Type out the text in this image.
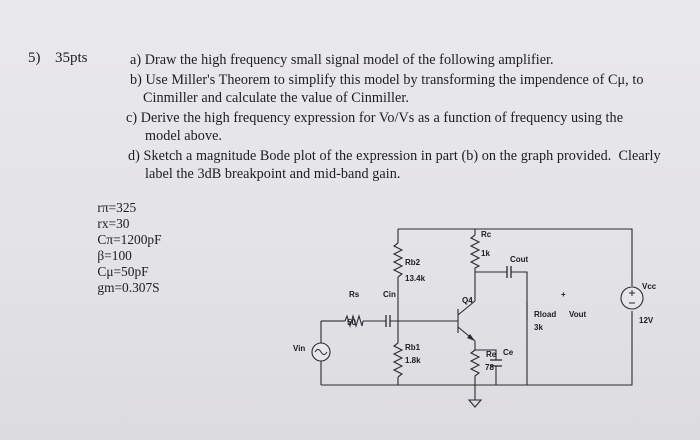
5) 35pts	a) Draw the high frequency small signal model of the following amplifier.
b) Use Miller's Theorem to simplify this model by transforming the impendence of Cμ, to
Cinmiller and calculate the value of Cinmiller.
c) Derive the high frequency expression for Vo/Vs as a function of frequency using the
model above.
d) Sketch a magnitude Bode plot of the expression in part (b) on the graph provided.  Clearly
label the 3dB breakpoint and mid-band gain.

rπ=325
rx=30
Cπ=1200pF
β=100
Cμ=50pF
gm=0.307S

Rc
1k
Rb2
13.4k
Cout
Vcc
12V
Rs
50
Cin
Q4
+
Rload Vout
3k
Vin	Rb1
1.8k
Re
78
Ce
